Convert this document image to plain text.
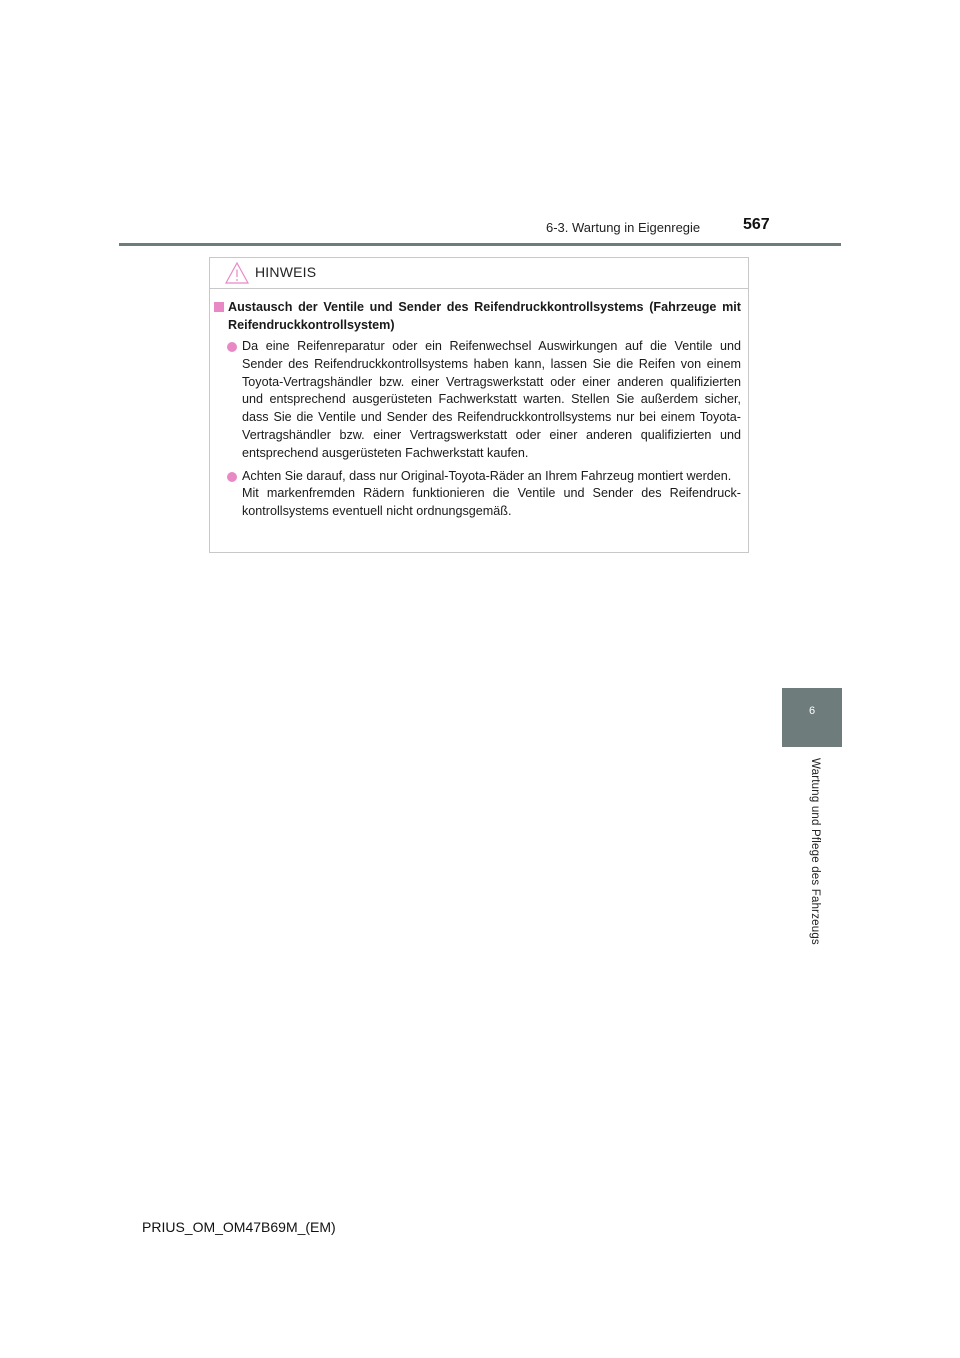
6-3. Wartung in Eigenregie	567
HINWEIS
Austausch der Ventile und Sender des Reifendruckkontrollsystems (Fahrzeuge mit Reifendruckkontrollsystem)
Da eine Reifenreparatur oder ein Reifenwechsel Auswirkungen auf die Ventile und Sender des Reifendruckkontrollsystems haben kann, lassen Sie die Reifen von einem Toyota-Vertragshändler bzw. einer Vertragswerkstatt oder einer anderen qualifizierten und entsprechend ausgerüsteten Fachwerkstatt warten. Stellen Sie außerdem sicher, dass Sie die Ventile und Sender des Reifendruckkontrollsystems nur bei einem Toyota-Vertragshändler bzw. einer Vertragswerkstatt oder einer anderen qualifizierten und entsprechend ausgerüsteten Fachwerkstatt kaufen.
Achten Sie darauf, dass nur Original-Toyota-Räder an Ihrem Fahrzeug montiert werden.
Mit markenfremden Rädern funktionieren die Ventile und Sender des Reifendruck-kontrollsystems eventuell nicht ordnungsgemäß.
6
Wartung und Pflege des Fahrzeugs
PRIUS_OM_OM47B69M_(EM)
